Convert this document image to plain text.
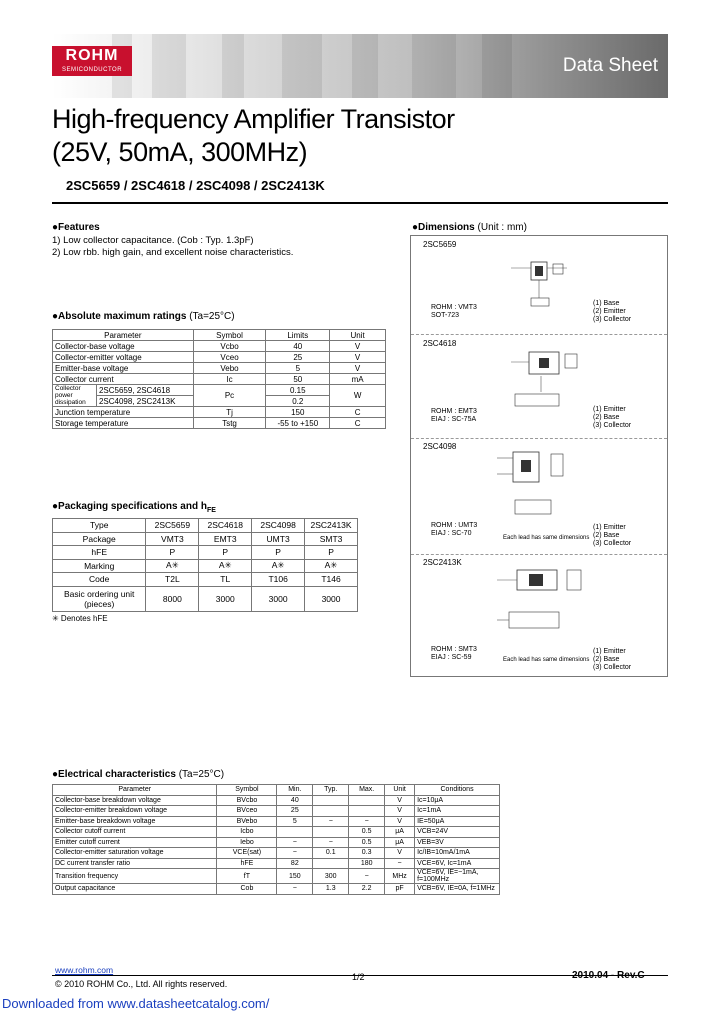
ROHM
SEMICONDUCTOR	Data Sheet
High-frequency Amplifier Transistor
(25V, 50mA, 300MHz)
2SC5659 / 2SC4618 / 2SC4098 / 2SC2413K
●Features
1) Low collector capacitance. (Cob : Typ. 1.3pF)
2) Low rbb. high gain, and excellent noise characteristics.
●Absolute maximum ratings (Ta=25°C)
Parameter		Symbol	Limits	Unit
Collector-base voltage		Vcbo	40	V
Collector-emitter voltage		Vceo	25	V
Emitter-base voltage		Vebo	5	V
Collector current		Ic	50	mA
Collector power dissipation	2SC5659, 2SC4618	Pc	0.15	W
	2SC4098, 2SC2413K		0.2	
Junction temperature		Tj	150	C
Storage temperature		Tstg	-55 to +150	C
●Packaging specifications and $h_{FE}$
Type	2SC5659	2SC4618	2SC4098	2SC2413K
Package	VMT3	EMT3	UMT3	SMT3
hFE	P	P	P	P
Marking	A✳	A✳	A✳	A✳
Code	T2L	TL	T106	T146
Basic ordering unit (pieces)	8000	3000	3000	3000
✳ Denotes hFE
●Dimensions (Unit : mm)
2SC5659
ROHM : VMT3
SOT-723
(1) Base
(2) Emitter
(3) Collector
2SC4618
ROHM : EMT3
EIAJ : SC-75A
(1) Emitter
(2) Base
(3) Collector
2SC4098
ROHM : UMT3
EIAJ : SC-70
Each lead has same dimensions
(1) Emitter
(2) Base
(3) Collector
2SC2413K
ROHM : SMT3
EIAJ : SC-59	Each lead has same dimensions
(1) Emitter
(2) Base
(3) Collector
●Electrical characteristics (Ta=25°C)
Parameter	Symbol	Min.	Typ.	Max.	Unit	Conditions
Collector-base breakdown voltage	BVcbo	40			V	Ic=10μA
Collector-emitter breakdown voltage	BVceo	25			V	Ic=1mA
Emitter-base breakdown voltage	BVebo	5	−	−	V	IE=50μA
Collector cutoff current	Icbo			0.5	μA	VCB=24V
Emitter cutoff current	Iebo	−	−	0.5	μA	VEB=3V
Collector-emitter saturation voltage	VCE(sat)	−	0.1	0.3	V	Ic/IB=10mA/1mA
DC current transfer ratio	hFE	82		180	−	VCE=6V, Ic=1mA
Transition frequency	fT	150	300	−	MHz	VCE=6V, IE=−1mA, f=100MHz
Output capacitance	Cob	−	1.3	2.2	pF	VCB=6V, IE=0A, f=1MHz
www.rohm.com
© 2010 ROHM Co., Ltd. All rights reserved.
1/2	2010.04 - Rev.C
Downloaded from www.datasheetcatalog.com/
